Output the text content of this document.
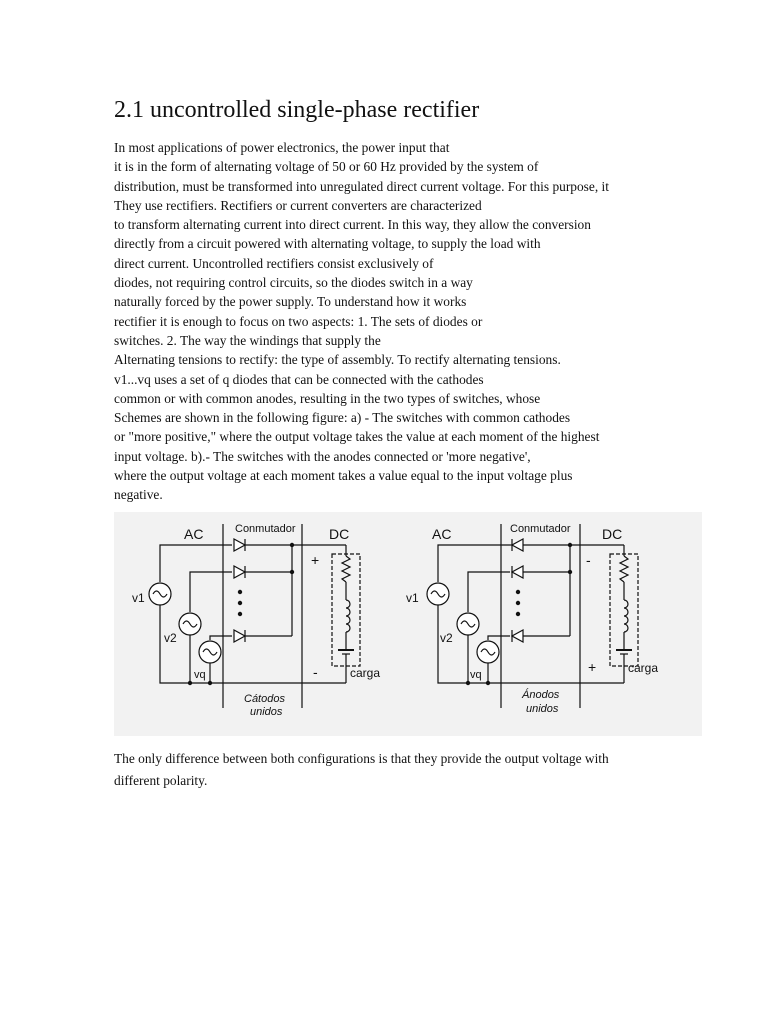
2.1 uncontrolled single-phase rectifier
In most applications of power electronics, the power input that
it is in the form of alternating voltage of 50 or 60 Hz provided by the system of
distribution, must be transformed into unregulated direct current voltage. For this purpose, it
They use rectifiers. Rectifiers or current converters are characterized
to transform alternating current into direct current. In this way, they allow the conversion
directly from a circuit powered with alternating voltage, to supply the load with
direct current. Uncontrolled rectifiers consist exclusively of
diodes, not requiring control circuits, so the diodes switch in a way
naturally forced by the power supply. To understand how it works
rectifier it is enough to focus on two aspects: 1. The sets of diodes or
switches. 2. The way the windings that supply the
Alternating tensions to rectify: the type of assembly. To rectify alternating tensions.
v1...vq uses a set of q diodes that can be connected with the cathodes
common or with common anodes, resulting in the two types of switches, whose
Schemes are shown in the following figure: a) - The switches with common cathodes
or "more positive," where the output voltage takes the value at each moment of the highest
input voltage. b).- The switches with the anodes connected or 'more negative',
where the output voltage at each moment takes a value equal to the input voltage plus
negative.
AC	Conmutador DC
v1
v2
vq
+
-	carga
Cátodos
unidos
AC	Conmutador DC
v1
v2
vq
-
+	carga
Ánodos
unidos
The only difference between both configurations is that they provide the output voltage with
different polarity.
